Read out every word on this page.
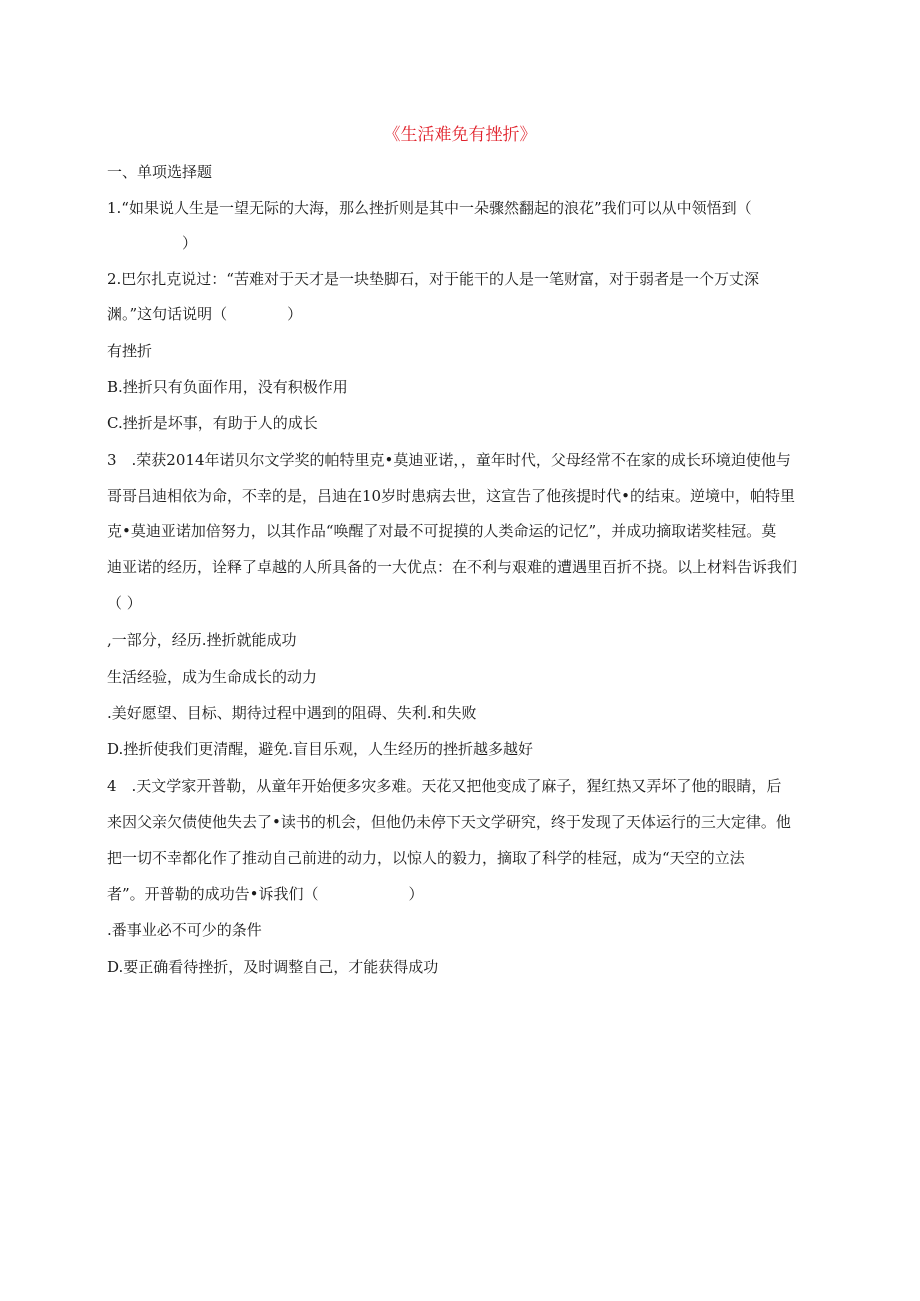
《生活难免有挫折》

一、单项选择题

1.“如果说人生是一望无际的大海，那么挫折则是其中一朵骤然翻起的浪花”我们可以从中领悟到（

　　　　　）

2.巴尔扎克说过：“苦难对于天才是一块垫脚石，对于能干的人是一笔财富，对于弱者是一个万丈深

渊。”这句话说明（　　　　）

有挫折

B.挫折只有负面作用，没有积极作用

C.挫折是坏事，有助于人的成长

3　.荣获2014年诺贝尔文学奖的帕特里克•莫迪亚诺，，童年时代，父母经常不在家的成长环境迫使他与

哥哥吕迪相依为命，不幸的是，吕迪在10岁时患病去世，这宣告了他孩提时代•的结束。逆境中，帕特里

克•莫迪亚诺加倍努力，以其作品“唤醒了对最不可捉摸的人类命运的记忆”，并成功摘取诺奖桂冠。莫

迪亚诺的经历，诠释了卓越的人所具备的一大优点：在不利与艰难的遭遇里百折不挠。以上材料告诉我们

（ ）

,一部分，经历.挫折就能成功

生活经验，成为生命成长的动力

.美好愿望、目标、期待过程中遇到的阻碍、失利.和失败

D.挫折使我们更清醒，避免.盲目乐观，人生经历的挫折越多越好

4　.天文学家开普勒，从童年开始便多灾多难。天花又把他变成了麻子，猩红热又弄坏了他的眼睛，后

来因父亲欠债使他失去了•读书的机会，但他仍未停下天文学研究，终于发现了天体运行的三大定律。他

把一切不幸都化作了推动自己前进的动力，以惊人的毅力，摘取了科学的桂冠，成为“天空的立法

者”。开普勒的成功告•诉我们（　　　　　　）

.番事业必不可少的条件

D.要正确看待挫折，及时调整自己，才能获得成功
